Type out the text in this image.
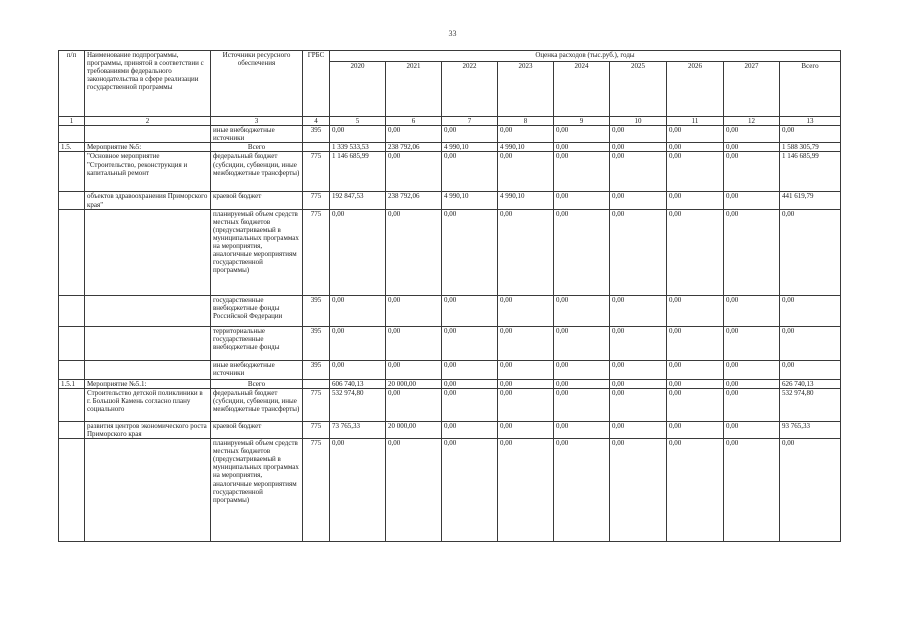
33
п/п	Наименование подпрограммы, программы, принятой в соответствии с требованиями федерального законодательства в сфере реализации государственной программы	Источники ресурсного обеспечения	ГРБС	Оценка расходов (тыс.руб.), годы								
				2020	2021	2022	2023	2024	2025	2026	2027	Всего
1	2	3	4	5	6	7	8	9	10	11	12	13
		иные внебюджетные источники	395	0,00	0,00	0,00	0,00	0,00	0,00	0,00	0,00	0,00
1.5.	Мероприятие №5:	Всего		1 339 533,53	238 792,06	4 990,10	4 990,10	0,00	0,00	0,00	0,00	1 588 305,79
	"Основное мероприятие "Строительство, реконструкция и капитальный ремонт	федеральный бюджет (субсидии, субвенции, иные межбюджетные трансферты)	775	1 146 685,99	0,00	0,00	0,00	0,00	0,00	0,00	0,00	1 146 685,99
	объектов здравоохранения Приморского края"	краевой бюджет	775	192 847,53	238 792,06	4 990,10	4 990,10	0,00	0,00	0,00	0,00	441 619,79
		планируемый объем средств местных бюджетов (предусматриваемый в муниципальных программах на мероприятия, аналогичные мероприятиям государственной программы)	775	0,00	0,00	0,00	0,00	0,00	0,00	0,00	0,00	0,00
		государственные внебюджетные фонды Российской Федерации	395	0,00	0,00	0,00	0,00	0,00	0,00	0,00	0,00	0,00
		территориальные государственные внебюджетные фонды	395	0,00	0,00	0,00	0,00	0,00	0,00	0,00	0,00	0,00
		иные внебюджетные источники	395	0,00	0,00	0,00	0,00	0,00	0,00	0,00	0,00	0,00
1.5.1	Мероприятие №5.1:	Всего		606 740,13	20 000,00	0,00	0,00	0,00	0,00	0,00	0,00	626 740,13
	Строительство детской поликлиники в г. Большой Камень согласно плану социального	федеральный бюджет (субсидии, субвенции, иные межбюджетные трансферты)	775	532 974,80	0,00	0,00	0,00	0,00	0,00	0,00	0,00	532 974,80
	развития центров экономического роста Приморского края	краевой бюджет	775	73 765,33	20 000,00	0,00	0,00	0,00	0,00	0,00	0,00	93 765,33
		планируемый объем средств местных бюджетов (предусматриваемый в муниципальных программах на мероприятия, аналогичные мероприятиям государственной программы)	775	0,00	0,00	0,00	0,00	0,00	0,00	0,00	0,00	0,00
